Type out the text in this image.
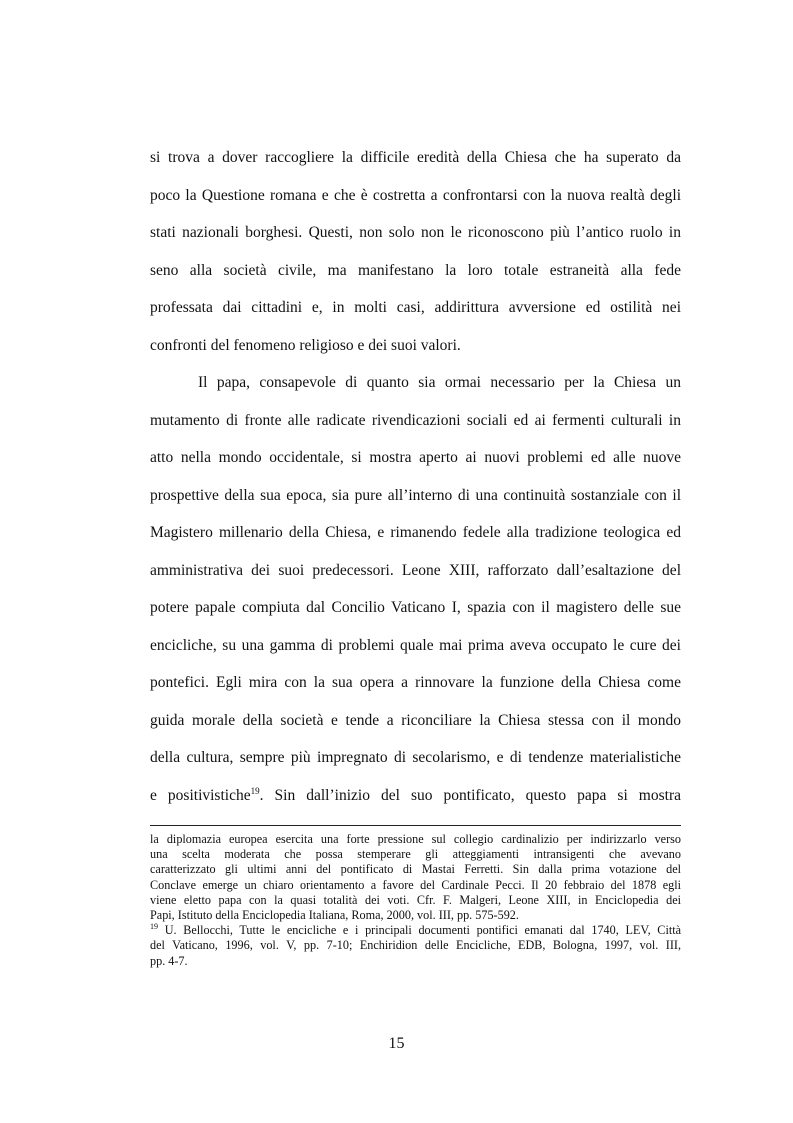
si trova a dover raccogliere la difficile eredità della Chiesa che ha superato da
poco la Questione romana e che è costretta a confrontarsi con la nuova realtà degli
stati nazionali borghesi. Questi, non solo non le riconoscono più l’antico ruolo in
seno alla società civile, ma manifestano la loro totale estraneità alla fede
professata dai cittadini e, in molti casi, addirittura avversione ed ostilità nei
confronti del fenomeno religioso e dei suoi valori.
Il papa, consapevole di quanto sia ormai necessario per la Chiesa un
mutamento di fronte alle radicate rivendicazioni sociali ed ai fermenti culturali in
atto nella mondo occidentale, si mostra aperto ai nuovi problemi ed alle nuove
prospettive della sua epoca, sia pure all’interno di una continuità sostanziale con il
Magistero millenario della Chiesa, e rimanendo fedele alla tradizione teologica ed
amministrativa dei suoi predecessori. Leone XIII, rafforzato dall’esaltazione del
potere papale compiuta dal Concilio Vaticano I, spazia con il magistero delle sue
encicliche, su una gamma di problemi quale mai prima aveva occupato le cure dei
pontefici. Egli mira con la sua opera a rinnovare la funzione della Chiesa come
guida morale della società e tende a riconciliare la Chiesa stessa con il mondo
della cultura, sempre più impregnato di secolarismo, e di tendenze materialistiche
e positivistiche$^{19}$. Sin dall’inizio del suo pontificato, questo papa si mostra
la diplomazia europea esercita una forte pressione sul collegio cardinalizio per indirizzarlo verso
una scelta moderata che possa stemperare gli atteggiamenti intransigenti che avevano
caratterizzato gli ultimi anni del pontificato di Mastai Ferretti. Sin dalla prima votazione del
Conclave emerge un chiaro orientamento a favore del Cardinale Pecci. Il 20 febbraio del 1878 egli
viene eletto papa con la quasi totalità dei voti. Cfr. F. Malgeri, Leone XIII, in Enciclopedia dei
Papi, Istituto della Enciclopedia Italiana, Roma, 2000, vol. III, pp. 575-592.
$^{19}$ U. Bellocchi, Tutte le encicliche e i principali documenti pontifici emanati dal 1740, LEV, Città
del Vaticano, 1996, vol. V, pp. 7-10; Enchiridion delle Encicliche, EDB, Bologna, 1997, vol. III,
pp. 4-7.
15
